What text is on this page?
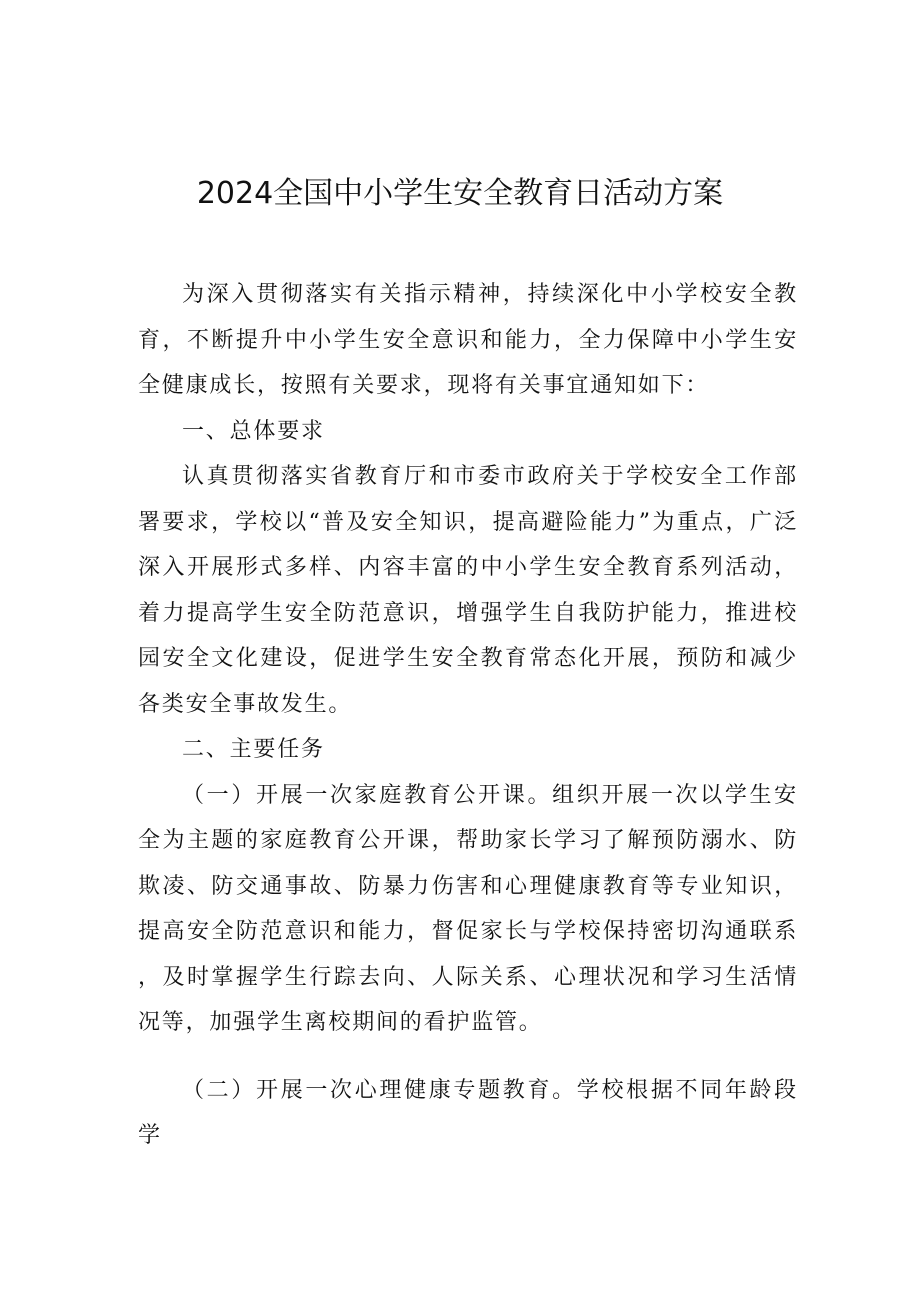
2024全国中小学生安全教育日活动方案

为深入贯彻落实有关指示精神，持续深化中小学校安全教育，不断提升中小学生安全意识和能力，全力保障中小学生安全健康成长，按照有关要求，现将有关事宜通知如下：

一、总体要求

认真贯彻落实省教育厅和市委市政府关于学校安全工作部署要求，学校以“普及安全知识，提高避险能力”为重点，广泛深入开展形式多样、内容丰富的中小学生安全教育系列活动，着力提高学生安全防范意识，增强学生自我防护能力，推进校园安全文化建设，促进学生安全教育常态化开展，预防和减少各类安全事故发生。

二、主要任务

（一）开展一次家庭教育公开课。组织开展一次以学生安全为主题的家庭教育公开课，帮助家长学习了解预防溺水、防欺凌、防交通事故、防暴力伤害和心理健康教育等专业知识，提高安全防范意识和能力，督促家长与学校保持密切沟通联系，及时掌握学生行踪去向、人际关系、心理状况和学习生活情况等，加强学生离校期间的看护监管。

（二）开展一次心理健康专题教育。学校根据不同年龄段学
